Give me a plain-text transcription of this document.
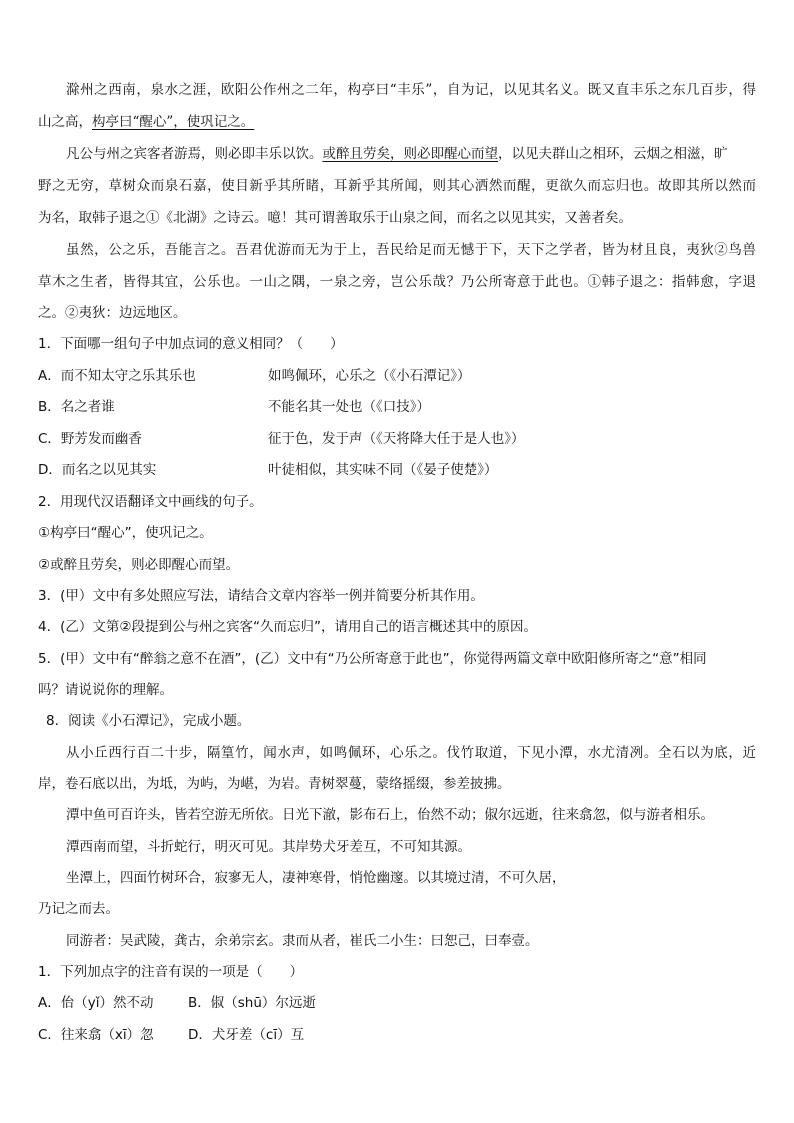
滁州之西南，泉水之涯，欧阳公作州之二年，构亭曰“丰乐”，自为记，以见其名义。既又直丰乐之东几百步，得
山之高，构亭曰“醒心”，使巩记之。
凡公与州之宾客者游焉，则必即丰乐以饮。或醉且劳矣，则必即醒心而望，以见夫群山之相环，云烟之相滋，旷
野之无穷，草树众而泉石嘉，使目新乎其所睹，耳新乎其所闻，则其心洒然而醒，更欲久而忘归也。故即其所以然而
为名，取韩子退之①《北湖》之诗云。噫！其可谓善取乐于山泉之间，而名之以见其实，又善者矣。
虽然，公之乐，吾能言之。吾君优游而无为于上，吾民给足而无憾于下，天下之学者，皆为材且良，夷狄②鸟兽
草木之生者，皆得其宜，公乐也。一山之隅，一泉之旁，岂公乐哉？乃公所寄意于此也。①韩子退之：指韩愈，字退
之。②夷狄：边远地区。
1．下面哪一组句子中加点词的意义相同？（　　）
A．而不知太守之乐其乐也	如鸣佩环，心乐之（《小石潭记》）
B．名之者谁	不能名其一处也（《口技》）
C．野芳发而幽香	征于色，发于声（《天将降大任于是人也》）
D．而名之以见其实	叶徒相似，其实味不同（《晏子使楚》）
2．用现代汉语翻译文中画线的句子。
①构亭曰“醒心”，使巩记之。
②或醉且劳矣，则必即醒心而望。
3．(甲）文中有多处照应写法，请结合文章内容举一例并简要分析其作用。
4．(乙）文第②段提到公与州之宾客“久而忘归”，请用自己的语言概述其中的原因。
5．(甲）文中有“醉翁之意不在酒”，(乙）文中有“乃公所寄意于此也”，你觉得两篇文章中欧阳修所寄之“意”相同
吗？请说说你的理解。
8．阅读《小石潭记》，完成小题。
从小丘西行百二十步，隔篁竹，闻水声，如鸣佩环，心乐之。伐竹取道，下见小潭，水尤清冽。全石以为底，近
岸，卷石底以出，为坻，为屿，为嵁，为岩。青树翠蔓，蒙络摇缀，参差披拂。
潭中鱼可百许头，皆若空游无所依。日光下澈，影布石上，佁然不动；俶尔远逝，往来翕忽，似与游者相乐。
潭西南而望，斗折蛇行，明灭可见。其岸势犬牙差互，不可知其源。
坐潭上，四面竹树环合，寂寥无人，凄神寒骨，悄怆幽邃。以其境过清，不可久居，
乃记之而去。
同游者：吴武陵，龚古，余弟宗玄。隶而从者，崔氏二小生：曰恕己，曰奉壹。
1．下列加点字的注音有误的一项是（　　）
A．佁（yǐ）然不动	B．俶（shū）尔远逝
C．往来翕（xī）忽	D．犬牙差（cī）互
